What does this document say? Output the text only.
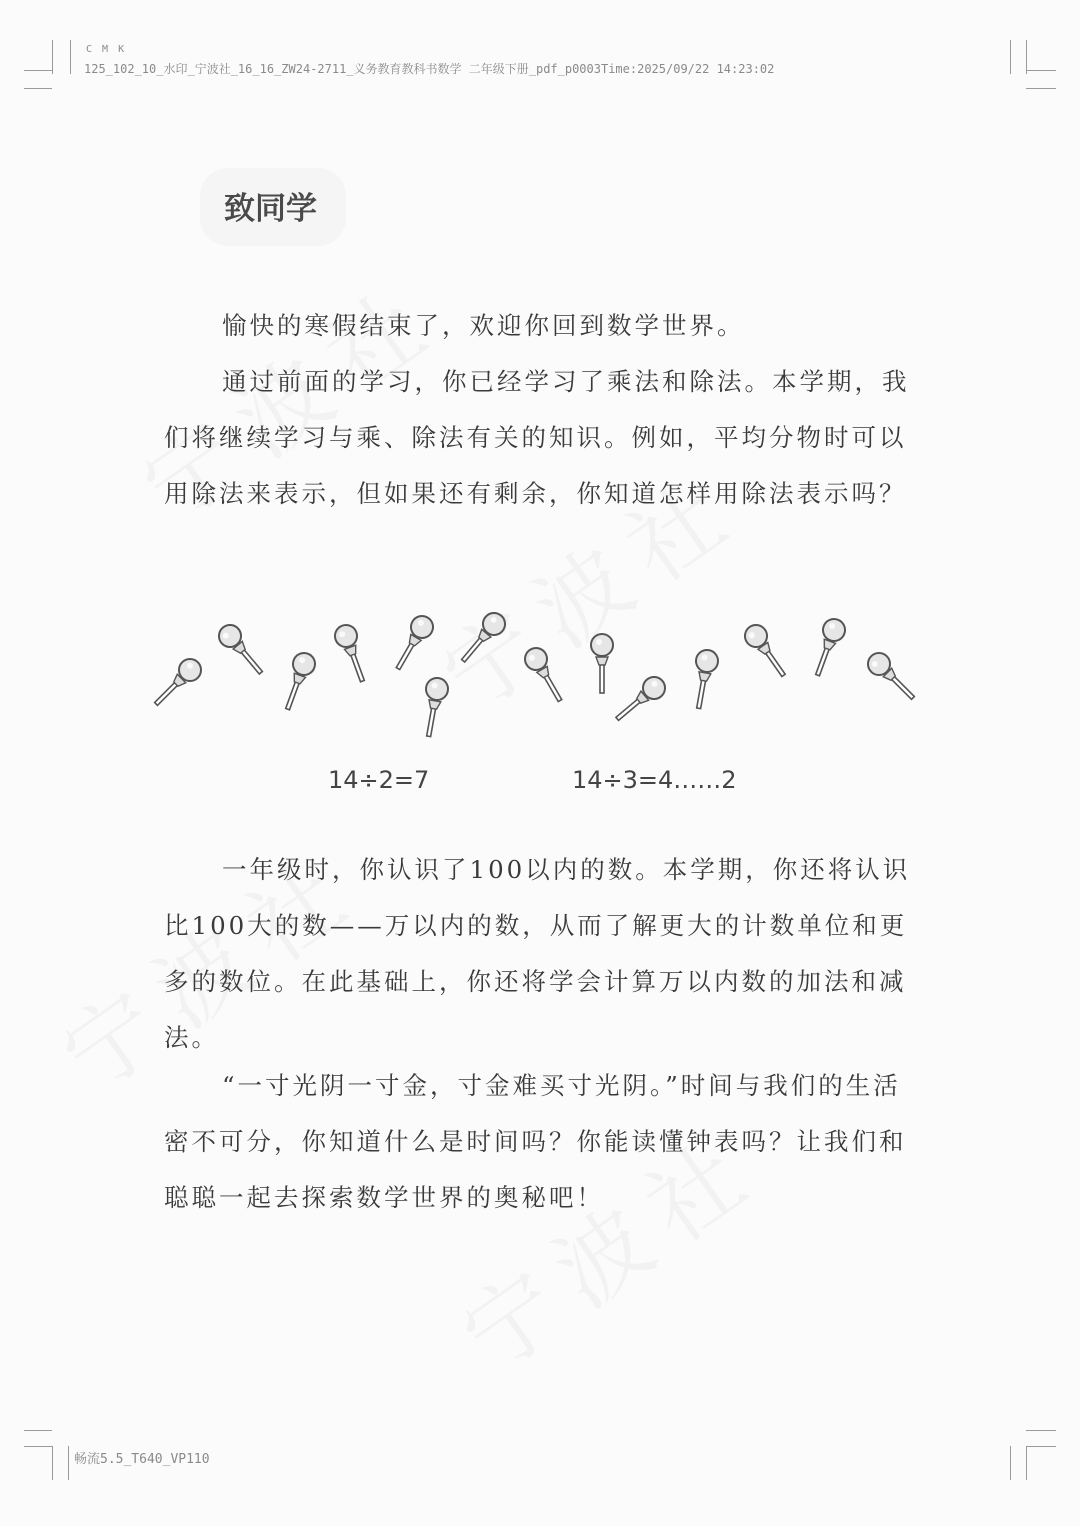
C M K
125_102_10_水印_宁波社_16_16_ZW24-2711_义务教育教科书数学 二年级下册_pdf_p0003Time:2025/09/22 14:23:02
畅流5.5_T640_VP110
致同学

愉快的寒假结束了，欢迎你回到数学世界。

通过前面的学习，你已经学习了乘法和除法。本学期，我们将继续学习与乘、除法有关的知识。例如，平均分物时可以用除法来表示，但如果还有剩余，你知道怎样用除法表示吗？

14÷2=7	14÷3=4……2

一年级时，你认识了100以内的数。本学期，你还将认识比100大的数——万以内的数，从而了解更大的计数单位和更多的数位。在此基础上，你还将学会计算万以内数的加法和减法。

“一寸光阴一寸金，寸金难买寸光阴。”时间与我们的生活密不可分，你知道什么是时间吗？你能读懂钟表吗？让我们和聪聪一起去探索数学世界的奥秘吧！
